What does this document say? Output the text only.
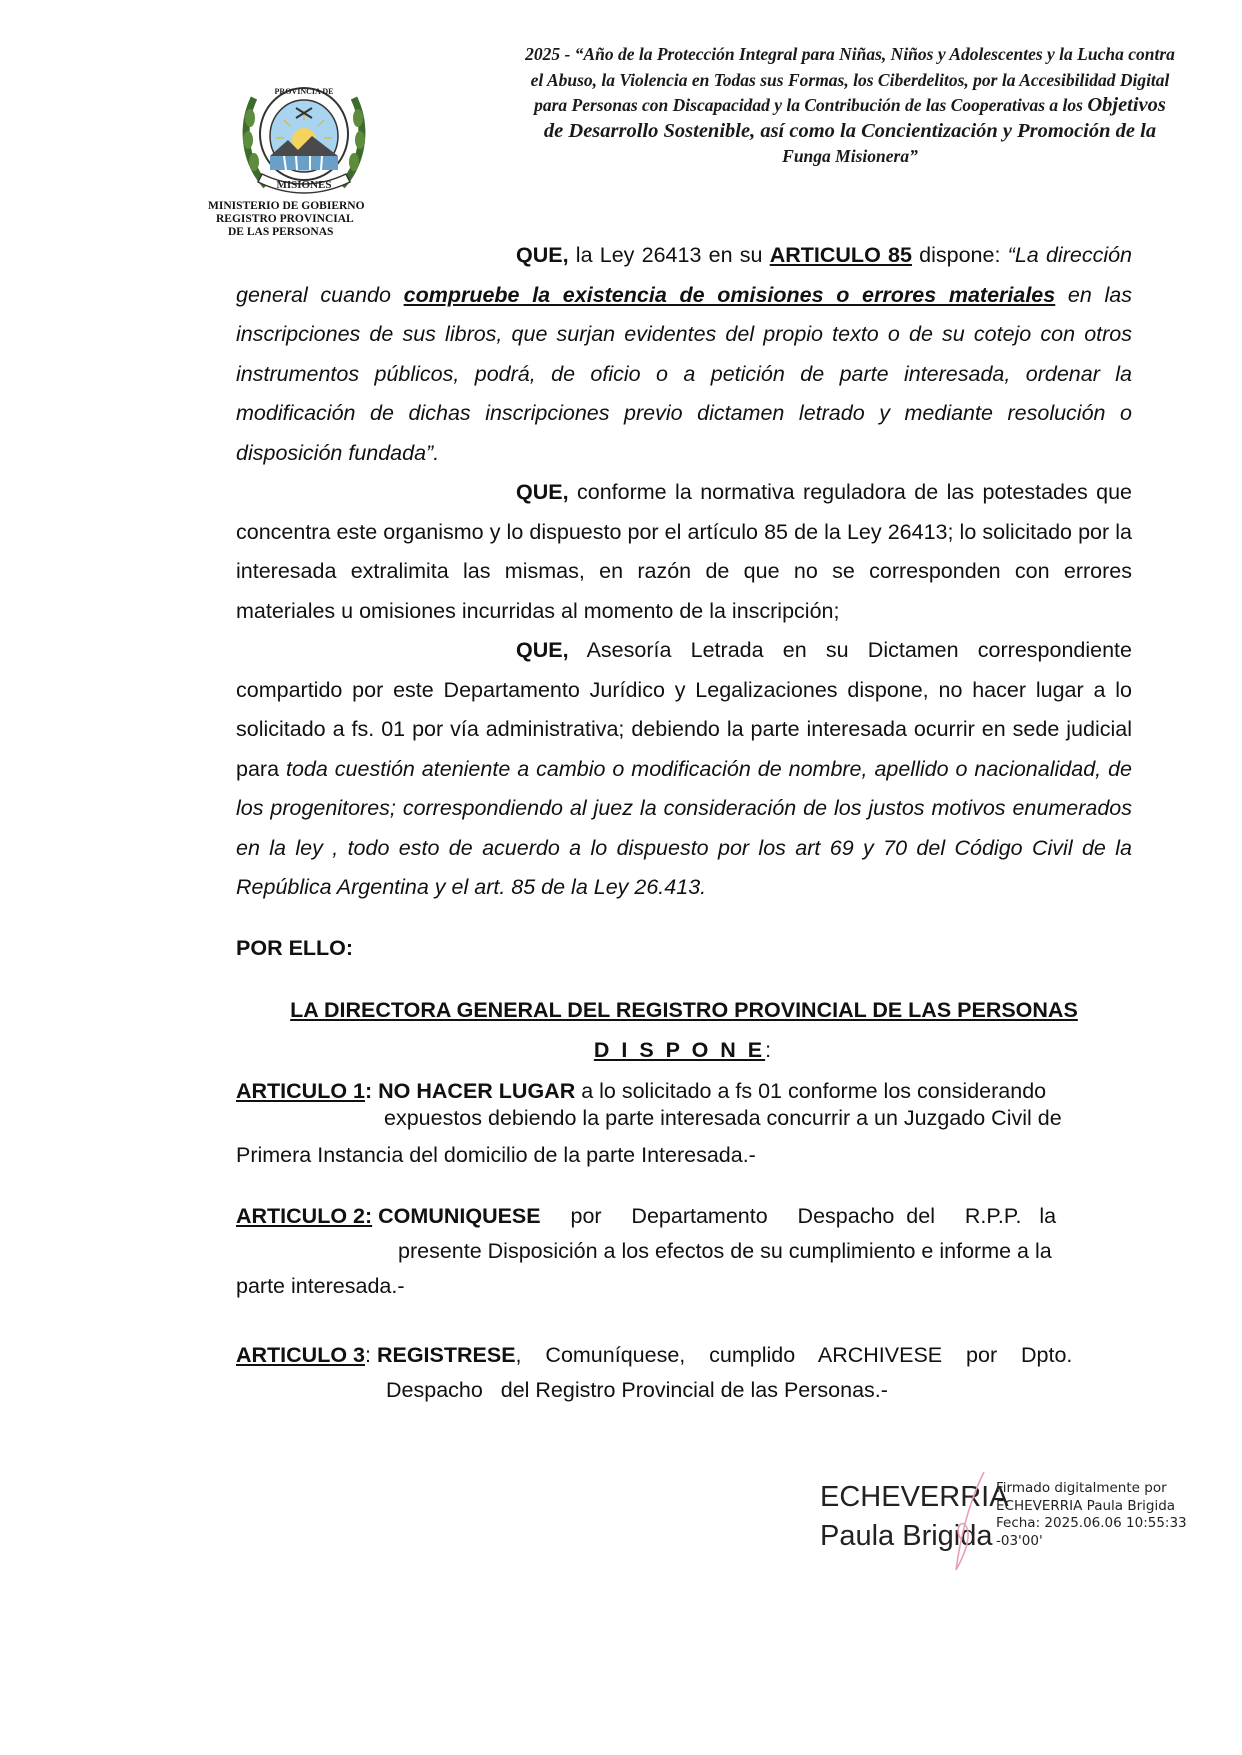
MISIONES
PROVINCIA DE
MINISTERIO DE GOBIERNO
REGISTRO PROVINCIAL
DE LAS PERSONAS
2025 - “Año de la Protección Integral para Niñas, Niños y Adolescentes y la Lucha contra
el Abuso, la Violencia en Todas sus Formas, los Ciberdelitos, por la Accesibilidad Digital
para Personas con Discapacidad y la Contribución de las Cooperativas a los Objetivos
de Desarrollo Sostenible, así como la Concientización y Promoción de la
Funga Misionera”

QUE, la Ley 26413 en su ARTICULO 85 dispone: “La dirección general cuando compruebe la existencia de omisiones o errores materiales en las inscripciones de sus libros, que surjan evidentes del propio texto o de su cotejo con otros instrumentos públicos, podrá, de oficio o a petición de parte interesada, ordenar la modificación de dichas inscripciones previo dictamen letrado y mediante resolución o disposición fundada”.

QUE, conforme la normativa reguladora de las potestades que concentra este organismo y lo dispuesto por el artículo 85 de la Ley 26413; lo solicitado por la interesada extralimita las mismas, en razón de que no se corresponden con errores materiales u omisiones incurridas al momento de la inscripción;

QUE, Asesoría Letrada en su Dictamen correspondiente compartido por este Departamento Jurídico y Legalizaciones dispone, no hacer lugar a lo solicitado a fs. 01 por vía administrativa; debiendo la parte interesada ocurrir en sede judicial para toda cuestión ateniente a cambio o modificación de nombre, apellido o nacionalidad, de los progenitores; correspondiendo al juez la consideración de los justos motivos enumerados en la ley , todo esto de acuerdo a lo dispuesto por los art 69 y 70 del Código Civil de la República Argentina y el art. 85 de la Ley 26.413.

POR ELLO:
LA DIRECTORA GENERAL DEL REGISTRO PROVINCIAL DE LAS PERSONAS
D I S P O N E:
ARTICULO 1: NO HACER LUGAR a lo solicitado a fs 01 conforme los considerando
expuestos debiendo la parte interesada concurrir a un Juzgado Civil de
Primera Instancia del domicilio de la parte Interesada.-
ARTICULO 2: COMUNIQUESE     por     Departamento     Despacho  del     R.P.P.   la
presente Disposición a los efectos de su cumplimiento e informe a la
parte interesada.-
ARTICULO 3: REGISTRESE,    Comuníquese,    cumplido    ARCHIVESE    por    Dpto.
Despacho   del Registro Provincial de las Personas.-
ECHEVERRIA
Paula Brigida
Firmado digitalmente por
ECHEVERRIA Paula Brigida
Fecha: 2025.06.06 10:55:33
-03'00'
